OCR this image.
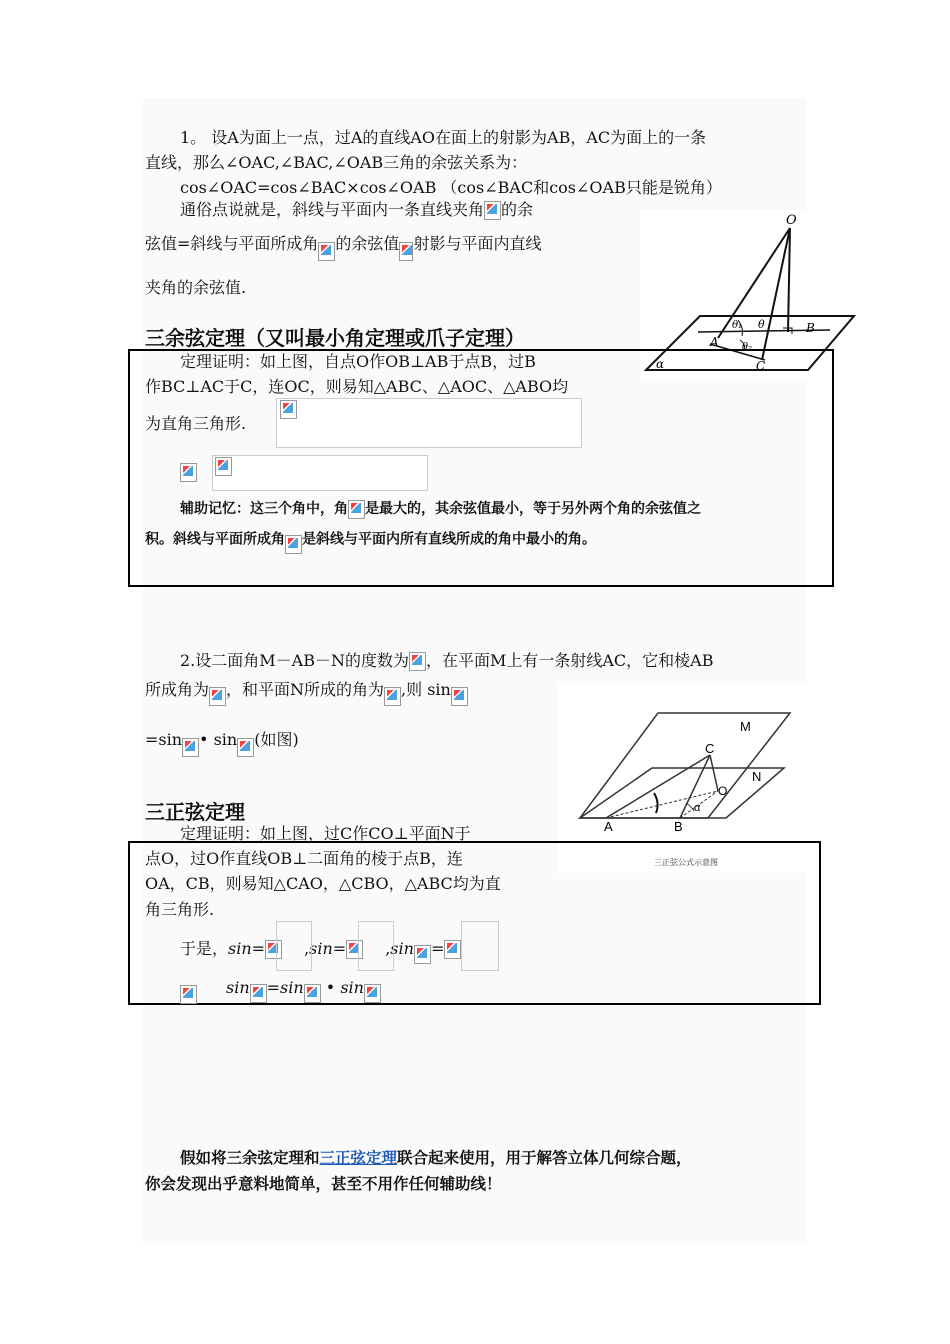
1。 设A为面上一点，过A的直线AO在面上的射影为AB，AC为面上的一条
直线，那么∠OAC,∠BAC,∠OAB三角的余弦关系为：
cos∠OAC=cos∠BAC×cos∠OAB （cos∠BAC和cos∠OAB只能是锐角）
通俗点说就是，斜线与平面内一条直线夹角 的余
弦值=斜线与平面所成角 的余弦值 射影与平面内直线
夹角的余弦值.
三余弦定理（又叫最小角定理或爪子定理）
O
θ₁ θ	B
A θ₂
α	C
定理证明：如上图，自点O作OB⊥AB于点B，过B
作BC⊥AC于C，连OC，则易知△ABC、△AOC、△ABO均
为直角三角形.
辅助记忆：这三个角中，角 是最大的，其余弦值最小，等于另外两个角的余弦值之
积。斜线与平面所成角 是斜线与平面内所有直线所成的角中最小的角。
2.设二面角M－AB－N的度数为 ，在平面M上有一条射线AC，它和棱AB
所成角为 ，和平面N所成的角为 ,则 sin
=sin • sin (如图)
三正弦定理
M
C
N
O
α
A	B
三正弦公式示意图
定理证明：如上图，过C作CO⊥平面N于
点O，过O作直线OB⊥二面角的棱于点B，连
OA，CB，则易知△CAO，△CBO，△ABC均为直
角三角形.
于是，sin= ,sin= ,sin =
sin =sin • sin
假如将三余弦定理和三正弦定理联合起来使用，用于解答立体几何综合题，
你会发现出乎意料地简单，甚至不用作任何辅助线！
